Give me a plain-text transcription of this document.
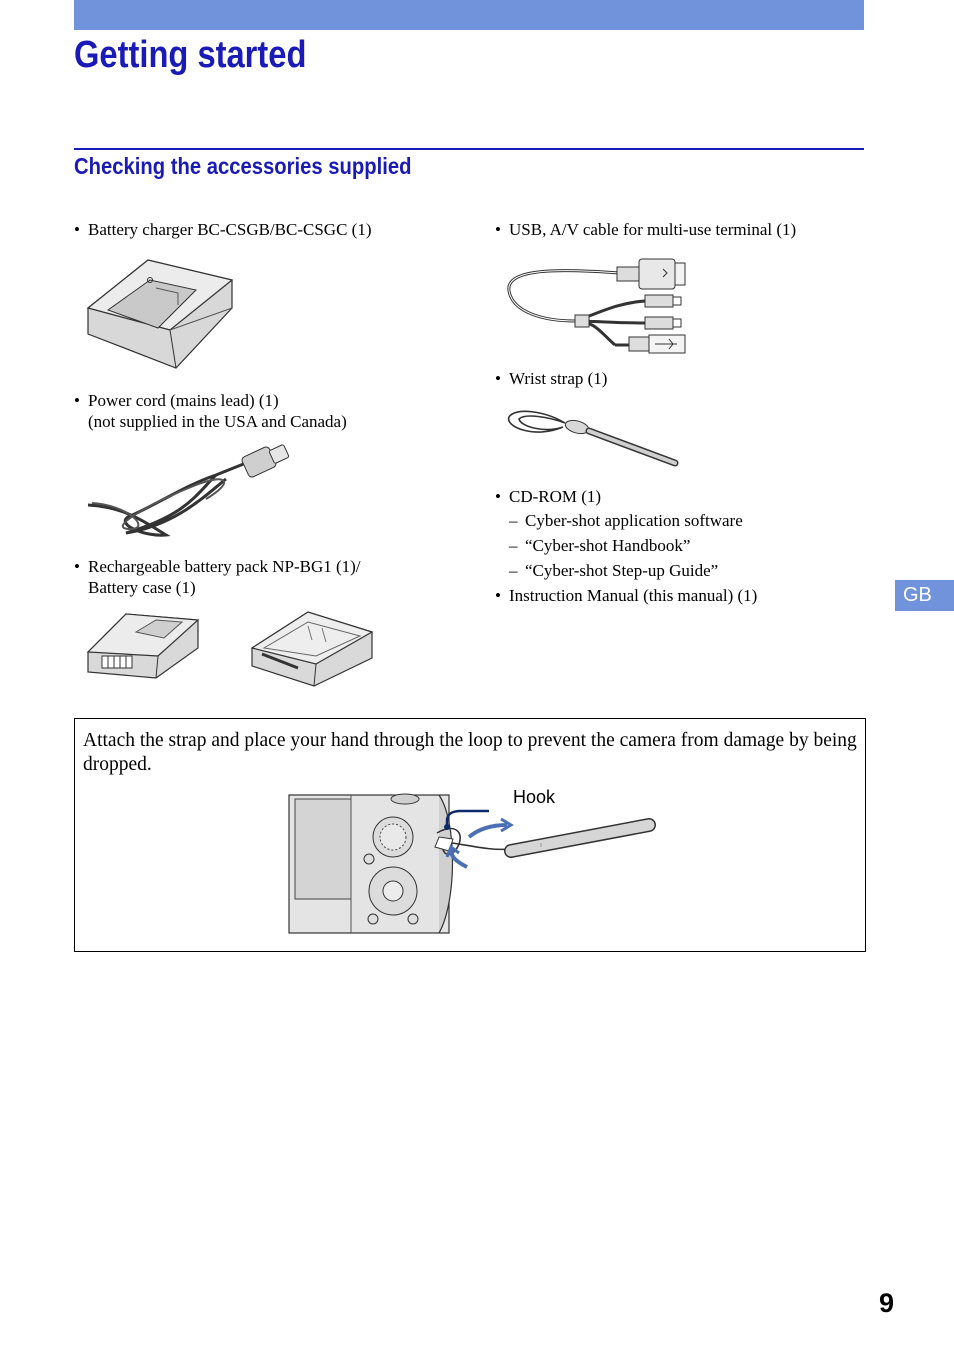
Getting started
Checking the accessories supplied
• Battery charger BC-CSGB/BC-CSGC (1)
• Power cord (mains lead) (1)
(not supplied in the USA and Canada)
• Rechargeable battery pack NP-BG1 (1)/
Battery case (1)
• USB, A/V cable for multi-use terminal (1)
• Wrist strap (1)
• CD-ROM (1)
– Cyber-shot application software
– “Cyber-shot Handbook”
– “Cyber-shot Step-up Guide”
• Instruction Manual (this manual) (1)	GB
Attach the strap and place your hand through the loop to prevent the camera from damage by being dropped.
Hook
9
